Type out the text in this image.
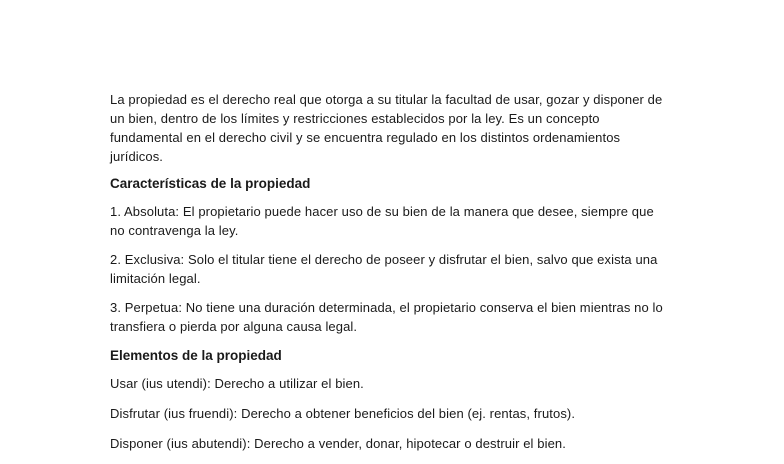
La propiedad es el derecho real que otorga a su titular la facultad de usar, gozar y disponer de un bien, dentro de los límites y restricciones establecidos por la ley. Es un concepto fundamental en el derecho civil y se encuentra regulado en los distintos ordenamientos jurídicos.

Características de la propiedad

1. Absoluta: El propietario puede hacer uso de su bien de la manera que desee, siempre que no contravenga la ley.

2. Exclusiva: Solo el titular tiene el derecho de poseer y disfrutar el bien, salvo que exista una limitación legal.

3. Perpetua: No tiene una duración determinada, el propietario conserva el bien mientras no lo transfiera o pierda por alguna causa legal.

Elementos de la propiedad

Usar (ius utendi): Derecho a utilizar el bien.

Disfrutar (ius fruendi): Derecho a obtener beneficios del bien (ej. rentas, frutos).

Disponer (ius abutendi): Derecho a vender, donar, hipotecar o destruir el bien.
